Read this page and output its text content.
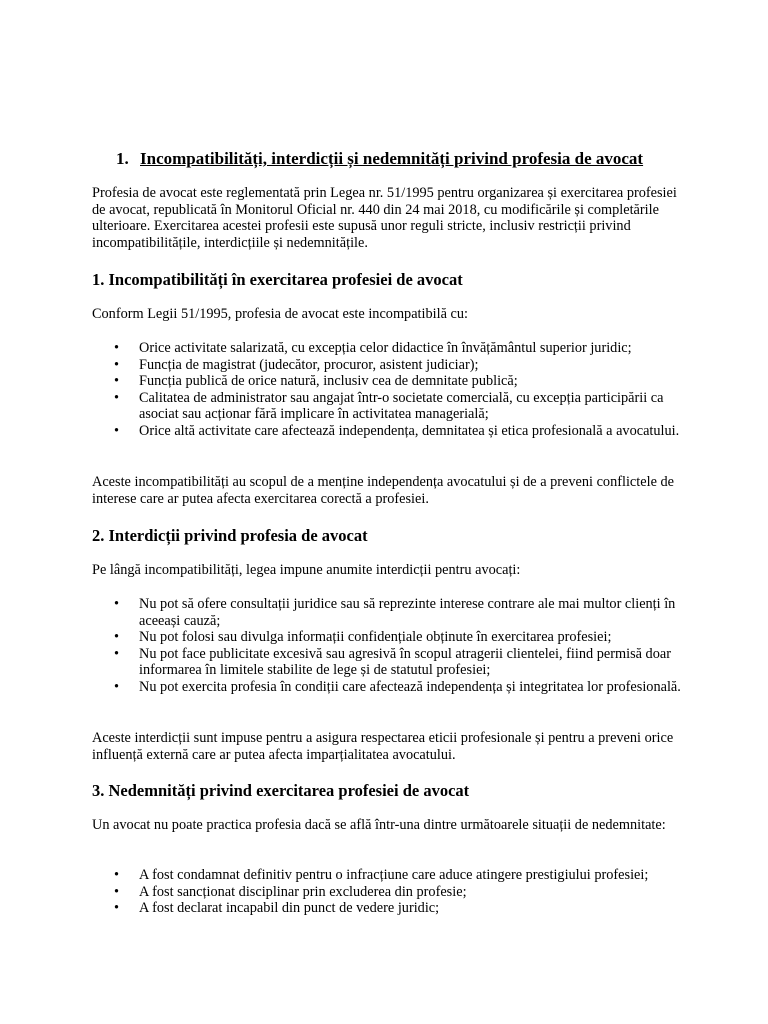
1. Incompatibilități, interdicții și nedemnități privind profesia de avocat

Profesia de avocat este reglementată prin Legea nr. 51/1995 pentru organizarea și exercitarea profesiei de avocat, republicată în Monitorul Oficial nr. 440 din 24 mai 2018, cu modificările și completările ulterioare. Exercitarea acestei profesii este supusă unor reguli stricte, inclusiv restricții privind incompatibilitățile, interdicțiile și nedemnitățile.

1. Incompatibilități în exercitarea profesiei de avocat

Conform Legii 51/1995, profesia de avocat este incompatibilă cu:

• Orice activitate salarizată, cu excepția celor didactice în învățământul superior juridic;
• Funcția de magistrat (judecător, procuror, asistent judiciar);
• Funcția publică de orice natură, inclusiv cea de demnitate publică;
• Calitatea de administrator sau angajat într-o societate comercială, cu excepția participării ca asociat sau acționar fără implicare în activitatea managerială;
• Orice altă activitate care afectează independența, demnitatea și etica profesională a avocatului.

Aceste incompatibilități au scopul de a menține independența avocatului și de a preveni conflictele de interese care ar putea afecta exercitarea corectă a profesiei.

2. Interdicții privind profesia de avocat

Pe lângă incompatibilități, legea impune anumite interdicții pentru avocați:

• Nu pot să ofere consultații juridice sau să reprezinte interese contrare ale mai multor clienți în aceeași cauză;
• Nu pot folosi sau divulga informații confidențiale obținute în exercitarea profesiei;
• Nu pot face publicitate excesivă sau agresivă în scopul atragerii clientelei, fiind permisă doar informarea în limitele stabilite de lege și de statutul profesiei;
• Nu pot exercita profesia în condiții care afectează independența și integritatea lor profesională.

Aceste interdicții sunt impuse pentru a asigura respectarea eticii profesionale și pentru a preveni orice influență externă care ar putea afecta imparțialitatea avocatului.

3. Nedemnități privind exercitarea profesiei de avocat

Un avocat nu poate practica profesia dacă se află într-una dintre următoarele situații de nedemnitate:

• A fost condamnat definitiv pentru o infracțiune care aduce atingere prestigiului profesiei;
• A fost sancționat disciplinar prin excluderea din profesie;
• A fost declarat incapabil din punct de vedere juridic;
